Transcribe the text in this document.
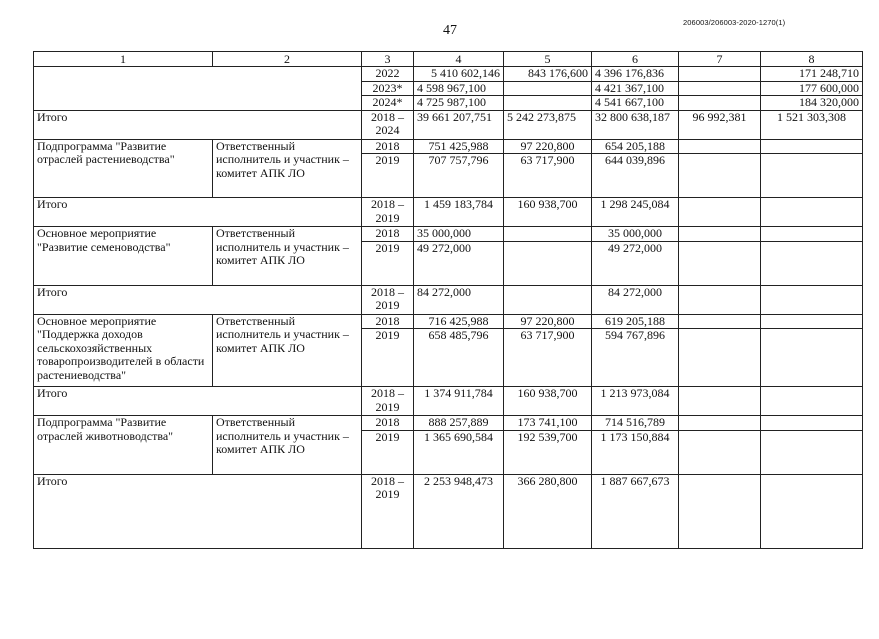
47
206003/206003-2020-1270(1)
1	2	3	4	5	6	7	8
		2022	5 410 602,146	843 176,600	4 396 176,836		171 248,710
		2023*	4 598 967,100		4 421 367,100		177 600,000
		2024*	4 725 987,100		4 541 667,100		184 320,000
Итого		2018 – 2024	39 661 207,751	5 242 273,875	32 800 638,187	96 992,381	1 521 303,308
Подпрограмма "Развитие отраслей растениеводства"	Ответственный исполнитель и участник – комитет АПК ЛО	2018	751 425,988	97 220,800	654 205,188		
		2019	707 757,796	63 717,900	644 039,896		
Итого		2018 – 2019	1 459 183,784	160 938,700	1 298 245,084		
Основное мероприятие "Развитие семеноводства"	Ответственный исполнитель и участник – комитет АПК ЛО	2018	35 000,000		35 000,000		
		2019	49 272,000		49 272,000		
Итого		2018 – 2019	84 272,000		84 272,000		
Основное мероприятие "Поддержка доходов сельскохозяйственных товаропроизводителей в области растениеводства"	Ответственный исполнитель и участник – комитет АПК ЛО	2018	716 425,988	97 220,800	619 205,188		
		2019	658 485,796	63 717,900	594 767,896		
Итого		2018 – 2019	1 374 911,784	160 938,700	1 213 973,084		
Подпрограмма "Развитие отраслей животноводства"	Ответственный исполнитель и участник – комитет АПК ЛО	2018	888 257,889	173 741,100	714 516,789		
		2019	1 365 690,584	192 539,700	1 173 150,884		
Итого		2018 – 2019	2 253 948,473	366 280,800	1 887 667,673		
